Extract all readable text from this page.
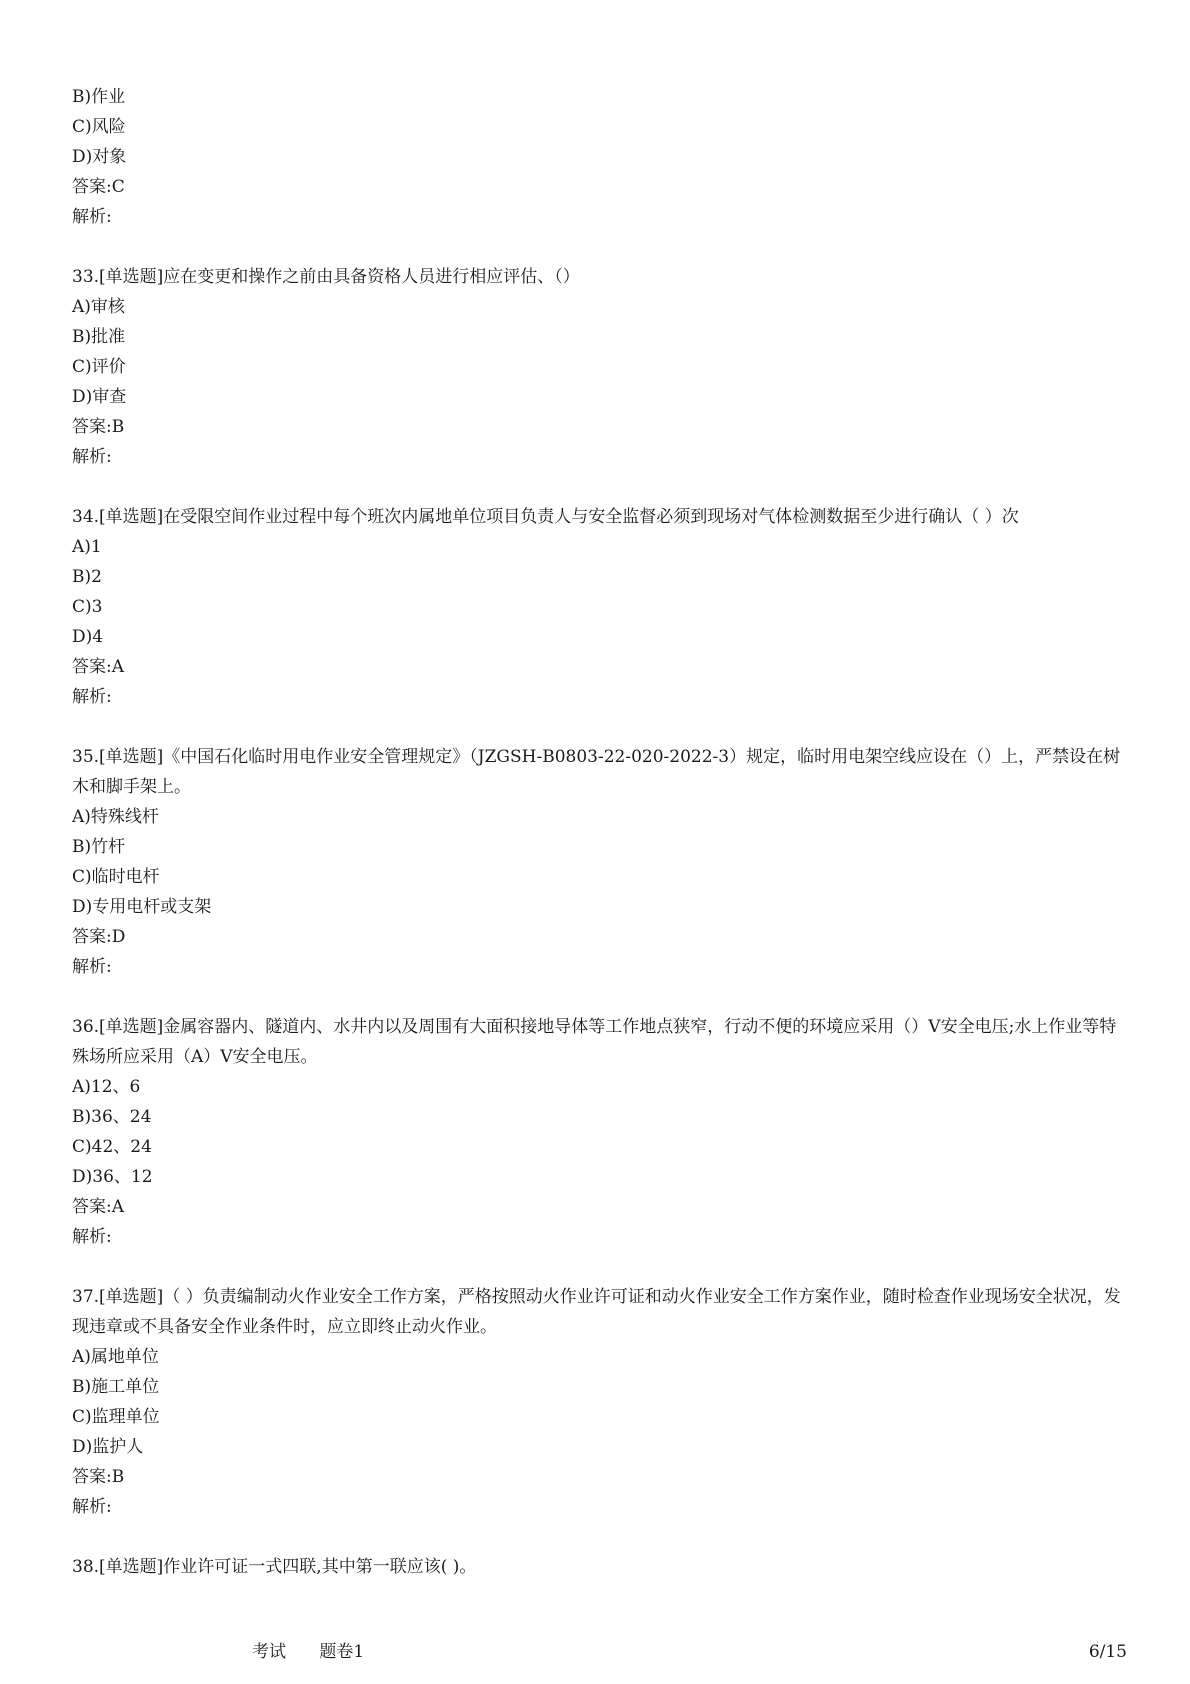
B)作业
C)风险
D)对象
答案:C
解析:
33.[单选题]应在变更和操作之前由具备资格人员进行相应评估、（）
A)审核
B)批准
C)评价
D)审查
答案:B
解析:
34.[单选题]在受限空间作业过程中每个班次内属地单位项目负责人与安全监督必须到现场对气体检测数据至少进行确认（ ）次
A)1
B)2
C)3
D)4
答案:A
解析:
35.[单选题]《中国石化临时用电作业安全管理规定》（JZGSH-B0803-22-020-2022-3）规定，临时用电架空线应设在（）上，严禁设在树木和脚手架上。
A)特殊线杆
B)竹杆
C)临时电杆
D)专用电杆或支架
答案:D
解析:
36.[单选题]金属容器内、隧道内、水井内以及周围有大面积接地导体等工作地点狭窄，行动不便的环境应采用（）V安全电压;水上作业等特殊场所应采用（A）V安全电压。
A)12、6
B)36、24
C)42、24
D)36、12
答案:A
解析:
37.[单选题]（ ）负责编制动火作业安全工作方案，严格按照动火作业许可证和动火作业安全工作方案作业，随时检查作业现场安全状况，发现违章或不具备安全作业条件时，应立即终止动火作业。
A)属地单位
B)施工单位
C)监理单位
D)监护人
答案:B
解析:
38.[单选题]作业许可证一式四联,其中第一联应该( )。
考试 题卷1	6/15
